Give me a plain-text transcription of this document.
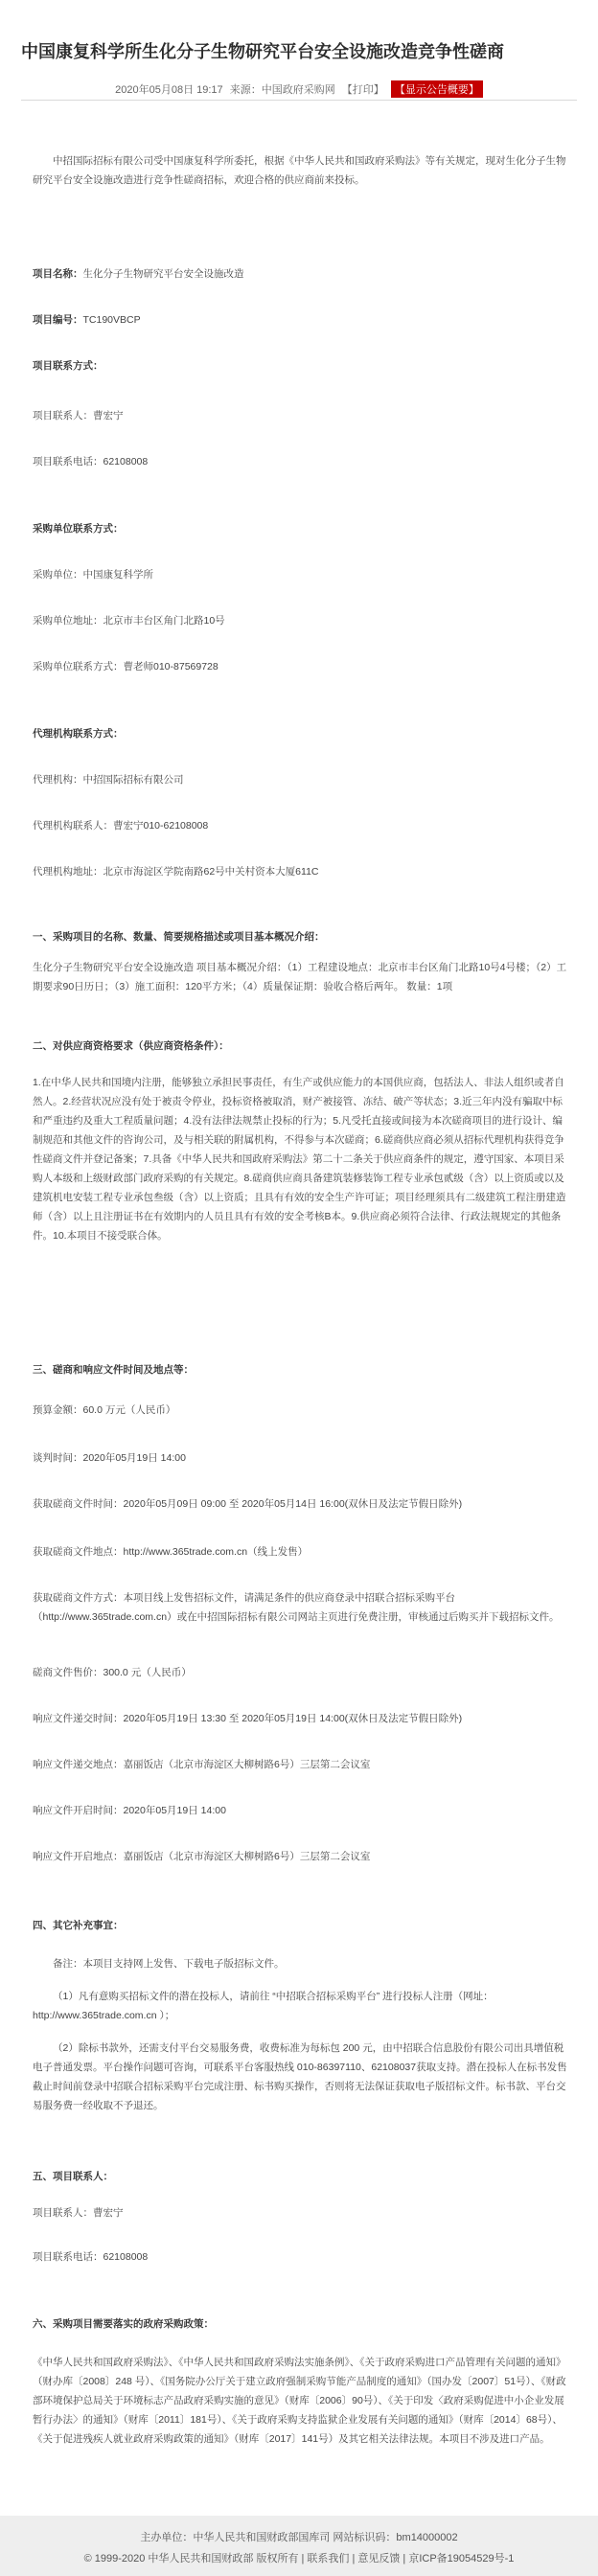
中国康复科学所生化分子生物研究平台安全设施改造竞争性磋商
2020年05月08日 19:17 来源：中国政府采购网 【打印】 【显示公告概要】

中招国际招标有限公司受中国康复科学所委托，根据《中华人民共和国政府采购法》等有关规定，现对生化分子生物研究平台安全设施改造进行竞争性磋商招标，欢迎合格的供应商前来投标。

项目名称：生化分子生物研究平台安全设施改造

项目编号：TC190VBCP

项目联系方式：

项目联系人：曹宏宁

项目联系电话：62108008

采购单位联系方式：

采购单位：中国康复科学所

采购单位地址：北京市丰台区角门北路10号

采购单位联系方式：曹老师010-87569728

代理机构联系方式：

代理机构：中招国际招标有限公司

代理机构联系人：曹宏宁010-62108008

代理机构地址：北京市海淀区学院南路62号中关村资本大厦611C

一、采购项目的名称、数量、简要规格描述或项目基本概况介绍：

生化分子生物研究平台安全设施改造 项目基本概况介绍：（1）工程建设地点：北京市丰台区角门北路10号4号楼；（2）工期要求90日历日；（3）施工面积：120平方米；（4）质量保证期：验收合格后两年。 数量：1项

二、对供应商资格要求（供应商资格条件）：

1.在中华人民共和国境内注册，能够独立承担民事责任，有生产或供应能力的本国供应商，包括法人、非法人组织或者自然人。2.经营状况应没有处于被责令停业，投标资格被取消，财产被接管、冻结、破产等状态；3.近三年内没有骗取中标和严重违约及重大工程质量问题；4.没有法律法规禁止投标的行为；5.凡受托直接或间接为本次磋商项目的进行设计、编制规范和其他文件的咨询公司，及与相关联的附属机构，不得参与本次磋商；6.磋商供应商必须从招标代理机构获得竞争性磋商文件并登记备案；7.具备《中华人民共和国政府采购法》第二十二条关于供应商条件的规定，遵守国家、本项目采购人本级和上级财政部门政府采购的有关规定。8.磋商供应商具备建筑装修装饰工程专业承包贰级（含）以上资质或以及建筑机电安装工程专业承包叁级（含）以上资质；且具有有效的安全生产许可证；项目经理须具有二级建筑工程注册建造师（含）以上且注册证书在有效期内的人员且具有有效的安全考核B本。9.供应商必须符合法律、行政法规规定的其他条件。10.本项目不接受联合体。

三、磋商和响应文件时间及地点等：

预算金额：60.0 万元（人民币）

谈判时间：2020年05月19日 14:00

获取磋商文件时间：2020年05月09日 09:00 至 2020年05月14日 16:00(双休日及法定节假日除外)

获取磋商文件地点：http://www.365trade.com.cn（线上发售）

获取磋商文件方式：本项目线上发售招标文件，请满足条件的供应商登录中招联合招标采购平台（http://www.365trade.com.cn）或在中招国际招标有限公司网站主页进行免费注册，审核通过后购买并下载招标文件。

磋商文件售价：300.0 元（人民币）

响应文件递交时间：2020年05月19日 13:30 至 2020年05月19日 14:00(双休日及法定节假日除外)

响应文件递交地点：嘉丽饭店（北京市海淀区大柳树路6号）三层第二会议室

响应文件开启时间：2020年05月19日 14:00

响应文件开启地点：嘉丽饭店（北京市海淀区大柳树路6号）三层第二会议室

四、其它补充事宜：

备注：本项目支持网上发售、下载电子版招标文件。

（1）凡有意购买招标文件的潜在投标人，请前往 “中招联合招标采购平台” 进行投标人注册（网址：http://www.365trade.com.cn ）；

（2）除标书款外，还需支付平台交易服务费，收费标准为每标包 200 元，由中招联合信息股份有限公司出具增值税电子普通发票。平台操作问题可咨询，可联系平台客服热线 010-86397110、62108037获取支持。潜在投标人在标书发售截止时间前登录中招联合招标采购平台完成注册、标书购买操作，否则将无法保证获取电子版招标文件。标书款、平台交易服务费一经收取不予退还。

五、项目联系人：

项目联系人：曹宏宁

项目联系电话：62108008

六、采购项目需要落实的政府采购政策：

《中华人民共和国政府采购法》、《中华人民共和国政府采购法实施条例》、《关于政府采购进口产品管理有关问题的通知》（财办库〔2008〕248 号）、《国务院办公厅关于建立政府强制采购节能产品制度的通知》（国办发〔2007〕51号）、《财政部环境保护总局关于环境标志产品政府采购实施的意见》（财库〔2006〕90号）、《关于印发〈政府采购促进中小企业发展暂行办法〉的通知》（财库〔2011〕181号）、《关于政府采购支持监狱企业发展有关问题的通知》（财库〔2014〕68号）、《关于促进残疾人就业政府采购政策的通知》（财库〔2017〕141号）及其它相关法律法规。本项目不涉及进口产品。

主办单位：中华人民共和国财政部国库司 网站标识码：bm14000002
© 1999-2020 中华人民共和国财政部 版权所有 | 联系我们 | 意见反馈 | 京ICP备19054529号-1
